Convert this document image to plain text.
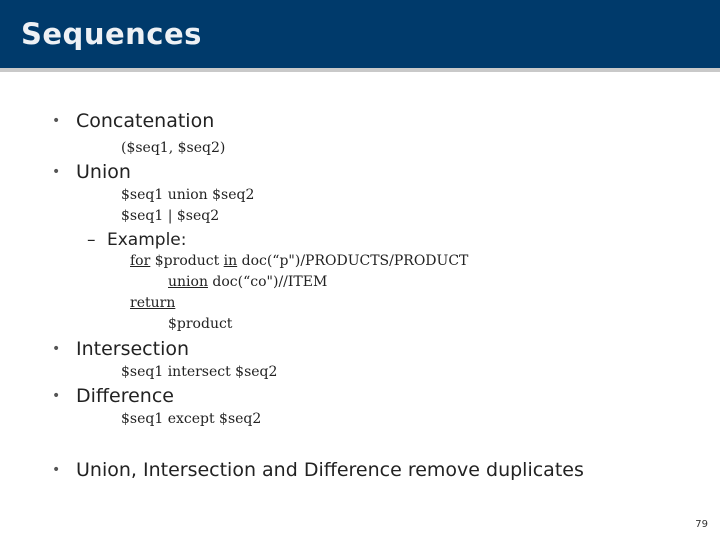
Sequences
• Concatenation
($seq1, $seq2)
• Union
$seq1 union $seq2
$seq1 | $seq2
– Example:
for $product in doc(“p")/PRODUCTS/PRODUCT
union doc(“co")//ITEM
return
$product
• Intersection
$seq1 intersect $seq2
• Difference
$seq1 except $seq2
• Union, Intersection and Difference remove duplicates
79
